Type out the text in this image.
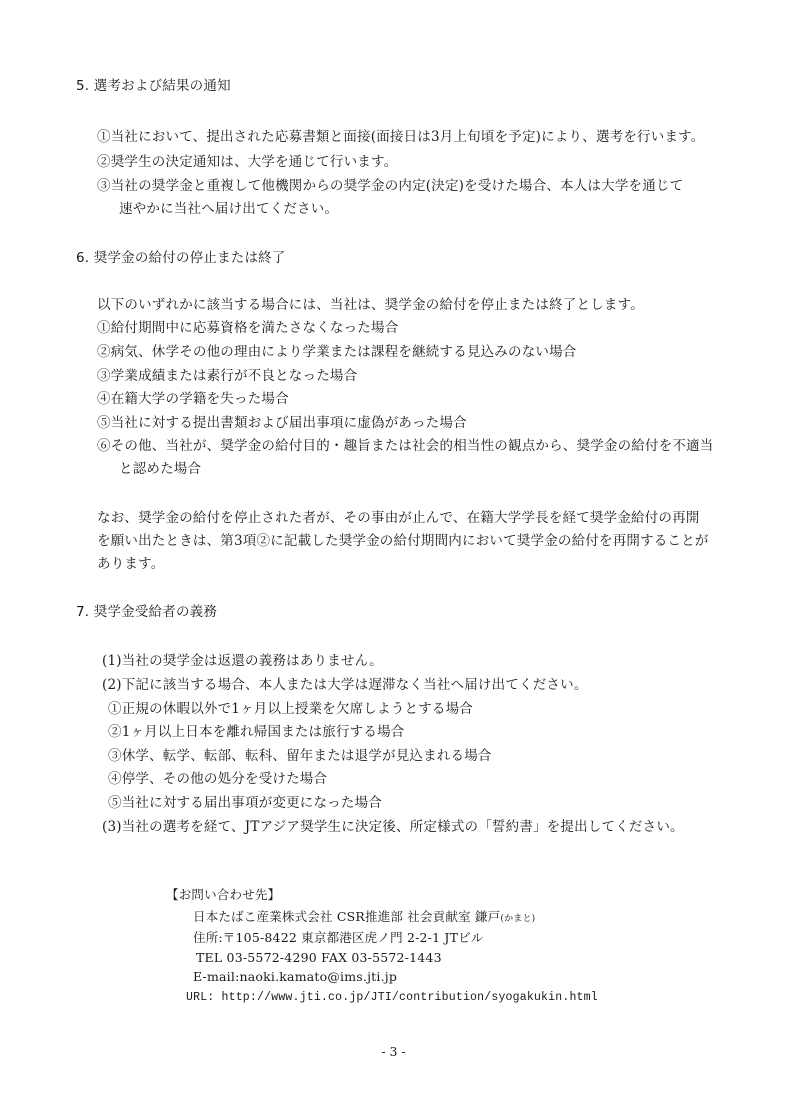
5. 選考および結果の通知
①当社において、提出された応募書類と面接(面接日は3月上旬頃を予定)により、選考を行います。
②奨学生の決定通知は、大学を通じて行います。
③当社の奨学金と重複して他機関からの奨学金の内定(決定)を受けた場合、本人は大学を通じて
速やかに当社へ届け出てください。
6. 奨学金の給付の停止または終了
以下のいずれかに該当する場合には、当社は、奨学金の給付を停止または終了とします。
①給付期間中に応募資格を満たさなくなった場合
②病気、休学その他の理由により学業または課程を継続する見込みのない場合
③学業成績または素行が不良となった場合
④在籍大学の学籍を失った場合
⑤当社に対する提出書類および届出事項に虚偽があった場合
⑥その他、当社が、奨学金の給付目的・趣旨または社会的相当性の観点から、奨学金の給付を不適当
と認めた場合
なお、奨学金の給付を停止された者が、その事由が止んで、在籍大学学長を経て奨学金給付の再開
を願い出たときは、第3項②に記載した奨学金の給付期間内において奨学金の給付を再開することが
あります。
7. 奨学金受給者の義務
(1)当社の奨学金は返還の義務はありません。
(2)下記に該当する場合、本人または大学は遅滞なく当社へ届け出てください。
①正規の休暇以外で1ヶ月以上授業を欠席しようとする場合
②1ヶ月以上日本を離れ帰国または旅行する場合
③休学、転学、転部、転科、留年または退学が見込まれる場合
④停学、その他の処分を受けた場合
⑤当社に対する届出事項が変更になった場合
(3)当社の選考を経て、JTアジア奨学生に決定後、所定様式の「誓約書」を提出してください。
【お問い合わせ先】
日本たばこ産業株式会社 CSR推進部 社会貢献室 鎌戸(かまと)
住所:〒105-8422 東京都港区虎ノ門 2-2-1 JTビル
TEL 03-5572-4290 FAX 03-5572-1443
E-mail:naoki.kamato@ims.jti.jp
URL: http://www.jti.co.jp/JTI/contribution/syogakukin.html
- 3 -
